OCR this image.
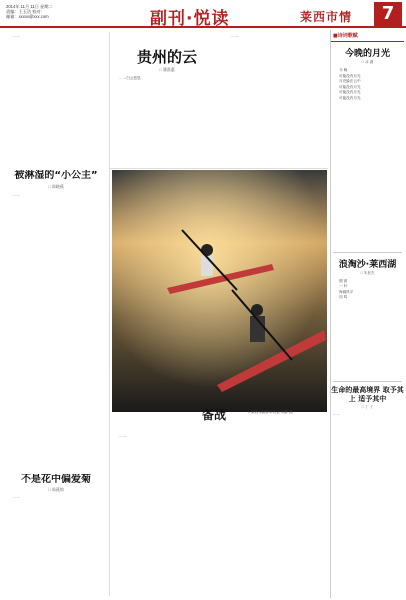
2014年 11月 11日 星期二
责编：王玉洁 校对：
邮箱：xxxxx@xxx.com	副刊·悦读	莱西市情	7

……

贵州的云
□ 潘嘉惠

……白云悠悠

……

被淋湿的“小公主”
□ 周晓燕

……

备战	□ 莱西市摄影家协会 刘静 摄
不是花中偏爱菊
□ 周燕锦

……

……

■诗词歌赋
今晚的月光
□ 冰 湖
今 晚
可能没有月光
月亮躲在云中
可能没有月光
可能没有月光
可能没有月光
浪淘沙·莱西湖
□ 朱世杰
烟 波
一 叶
海阔风平
同 鸣
生命的最高境界 取予其上 适予其中
□ 丁 丁
……
